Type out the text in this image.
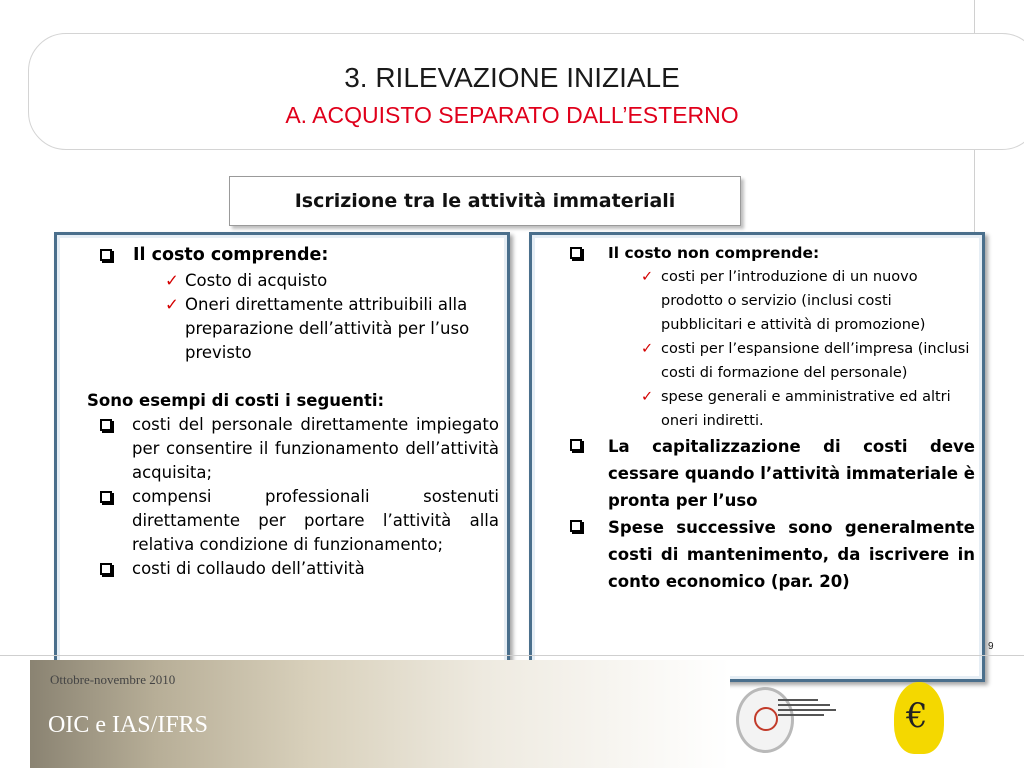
3. RILEVAZIONE INIZIALE
A. ACQUISTO SEPARATO DALL’ESTERNO
Iscrizione tra le attività immateriali
Il costo comprende:
✓ Costo di acquisto
✓ Oneri direttamente attribuibili alla preparazione dell’attività per l’uso previsto
Sono esempi di costi i seguenti:
costi del personale direttamente impiegato per consentire il funzionamento dell’attività acquisita;
compensi professionali sostenuti direttamente per portare l’attività alla relativa condizione di funzionamento;
costi di collaudo dell’attività
Il costo non comprende:
✓ costi per l’introduzione di un nuovo prodotto o servizio (inclusi costi pubblicitari e attività di promozione)
✓ costi per l’espansione dell’impresa (inclusi costi di formazione del personale)
✓ spese generali e amministrative ed altri oneri indiretti.
La capitalizzazione di costi deve cessare quando l’attività immateriale è pronta per l’uso
Spese successive sono generalmente costi di mantenimento, da iscrivere in conto economico (par. 20)
9
Ottobre-novembre 2010
OIC e IAS/IFRS	€
